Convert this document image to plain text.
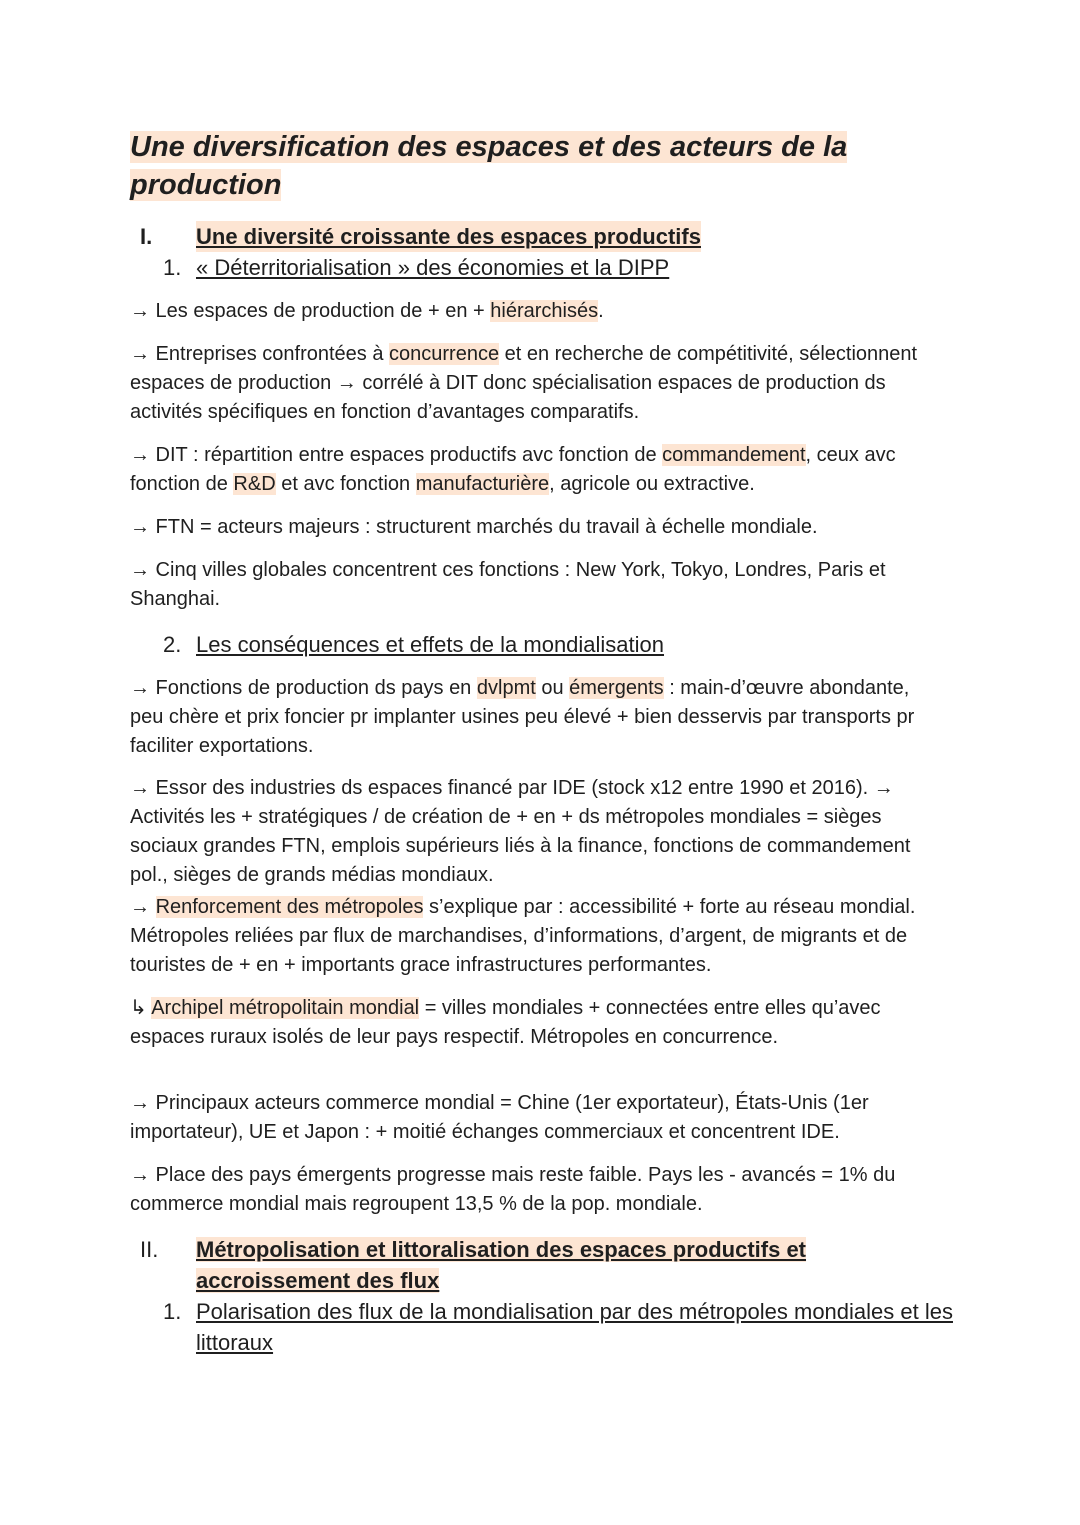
Une diversification des espaces et des acteurs de la
production
I. Une diversité croissante des espaces productifs
1. « Déterritorialisation » des économies et la DIPP
→ Les espaces de production de + en + hiérarchisés.
→ Entreprises confrontées à concurrence et en recherche de compétitivité, sélectionnent espaces de production → corrélé à DIT donc spécialisation espaces de production ds activités spécifiques en fonction d’avantages comparatifs.
→ DIT : répartition entre espaces productifs avc fonction de commandement, ceux avc fonction de R&D et avc fonction manufacturière, agricole ou extractive.
→ FTN = acteurs majeurs : structurent marchés du travail à échelle mondiale.
→ Cinq villes globales concentrent ces fonctions : New York, Tokyo, Londres, Paris et Shanghai.
2. Les conséquences et effets de la mondialisation
→ Fonctions de production ds pays en dvlpmt ou émergents : main-d’œuvre abondante, peu chère et prix foncier pr implanter usines peu élevé + bien desservis par transports pr faciliter exportations.
→ Essor des industries ds espaces financé par IDE (stock x12 entre 1990 et 2016). → Activités les + stratégiques / de création de + en + ds métropoles mondiales = sièges sociaux grandes FTN, emplois supérieurs liés à la finance, fonctions de commandement pol., sièges de grands médias mondiaux.
→ Renforcement des métropoles s’explique par : accessibilité + forte au réseau mondial. Métropoles reliées par flux de marchandises, d’informations, d’argent, de migrants et de touristes de + en + importants grace infrastructures performantes.
↳ Archipel métropolitain mondial = villes mondiales + connectées entre elles qu’avec espaces ruraux isolés de leur pays respectif. Métropoles en concurrence.
→ Principaux acteurs commerce mondial = Chine (1er exportateur), États-Unis (1er importateur), UE et Japon : + moitié échanges commerciaux et concentrent IDE.
→ Place des pays émergents progresse mais reste faible. Pays les - avancés = 1% du commerce mondial mais regroupent 13,5 % de la pop. mondiale.
II. Métropolisation et littoralisation des espaces productifs et accroissement des flux
1. Polarisation des flux de la mondialisation par des métropoles mondiales et les littoraux
